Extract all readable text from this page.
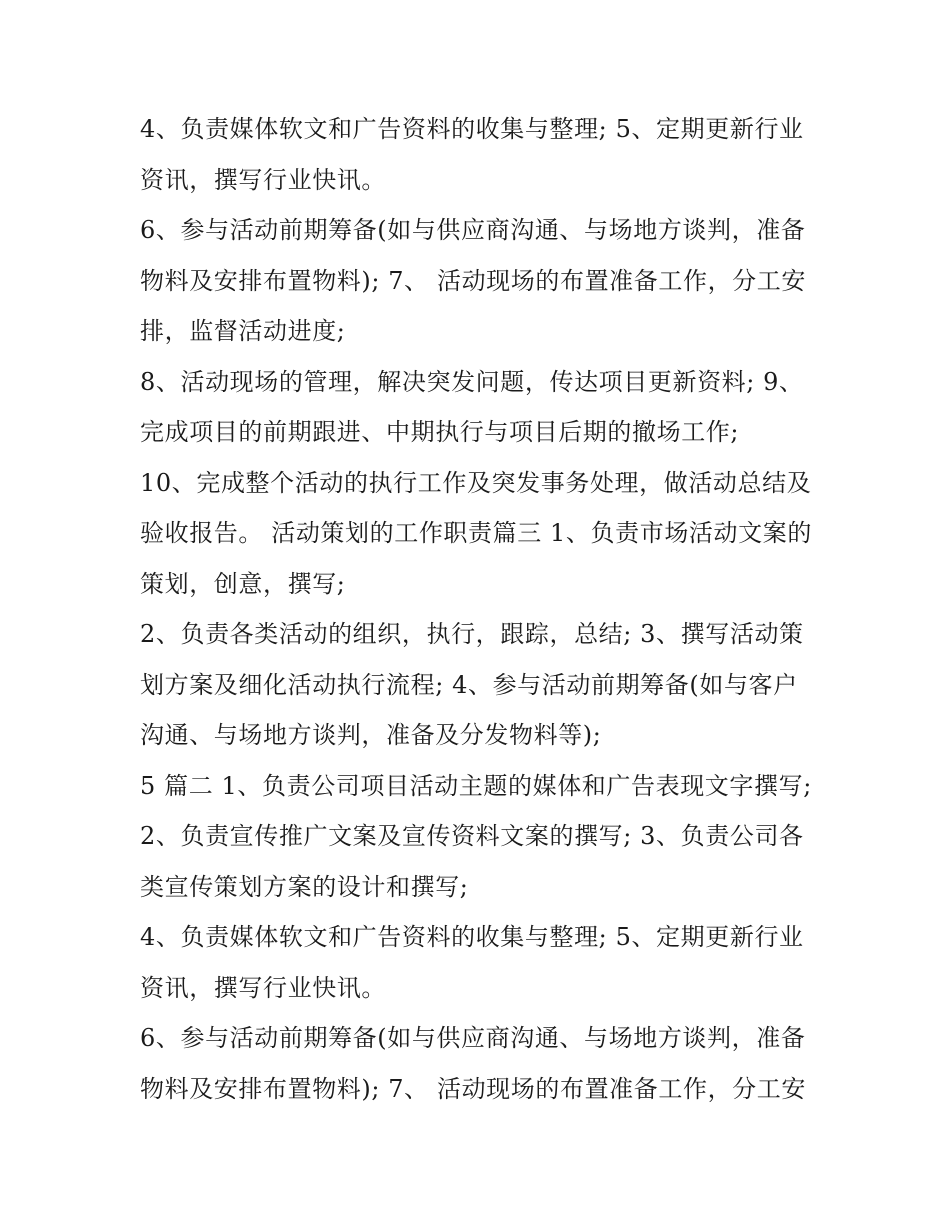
4、负责媒体软文和广告资料的收集与整理; 5、定期更新行业
资讯，撰写行业快讯。
6、参与活动前期筹备(如与供应商沟通、与场地方谈判，准备
物料及安排布置物料); 7、 活动现场的布置准备工作，分工安
排，监督活动进度;
8、活动现场的管理，解决突发问题，传达项目更新资料; 9、
完成项目的前期跟进、中期执行与项目后期的撤场工作;
10、完成整个活动的执行工作及突发事务处理，做活动总结及
验收报告。 活动策划的工作职责篇三 1、负责市场活动文案的
策划，创意，撰写;
2、负责各类活动的组织，执行，跟踪，总结; 3、撰写活动策
划方案及细化活动执行流程; 4、参与活动前期筹备(如与客户
沟通、与场地方谈判，准备及分发物料等);
5 篇二 1、负责公司项目活动主题的媒体和广告表现文字撰写;
2、负责宣传推广文案及宣传资料文案的撰写; 3、负责公司各
类宣传策划方案的设计和撰写;
4、负责媒体软文和广告资料的收集与整理; 5、定期更新行业
资讯，撰写行业快讯。
6、参与活动前期筹备(如与供应商沟通、与场地方谈判，准备
物料及安排布置物料); 7、 活动现场的布置准备工作，分工安
